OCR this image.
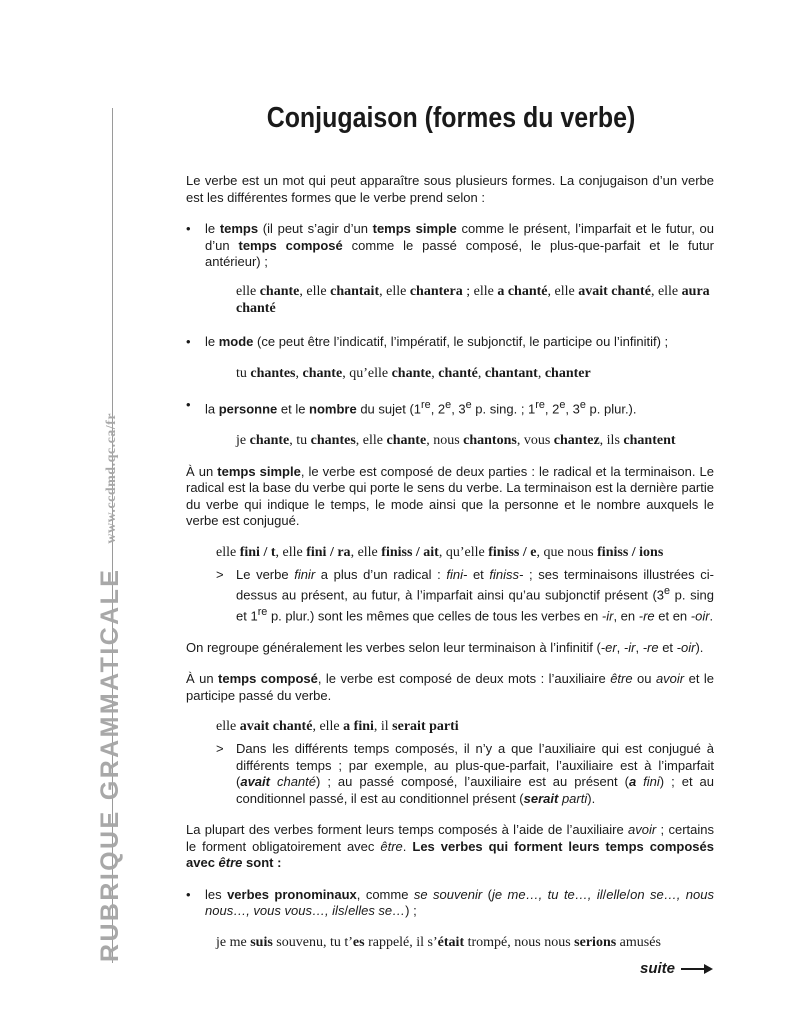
RUBRIQUE GRAMMATICALEwww.ccdmd.qc.ca/fr
Conjugaison (formes du verbe)

Le verbe est un mot qui peut apparaître sous plusieurs formes. La conjugaison d’un verbe est les différentes formes que le verbe prend selon :

• le temps (il peut s’agir d’un temps simple comme le présent, l’imparfait et le futur, ou d’un temps composé comme le passé composé, le plus-que-parfait et le futur antérieur) ;

elle chante, elle chantait, elle chantera ; elle a chanté, elle avait chanté, elle aura chanté

• le mode (ce peut être l’indicatif, l’impératif, le subjonctif, le participe ou l’infinitif) ;

tu chantes, chante, qu’elle chante, chanté, chantant, chanter

• la personne et le nombre du sujet (1re, 2e, 3e p. sing. ; 1re, 2e, 3e p. plur.).

je chante, tu chantes, elle chante, nous chantons, vous chantez, ils chantent

À un temps simple, le verbe est composé de deux parties : le radical et la terminaison. Le radical est la base du verbe qui porte le sens du verbe. La terminaison est la dernière partie du verbe qui indique le temps, le mode ainsi que la personne et le nombre auxquels le verbe est conjugué.

elle fini / t, elle fini / ra, elle finiss / ait, qu’elle finiss / e, que nous finiss / ions

> Le verbe finir a plus d’un radical : fini- et finiss- ; ses terminaisons illustrées ci-dessus au présent, au futur, à l’imparfait ainsi qu’au subjonctif présent (3e p. sing et 1re p. plur.) sont les mêmes que celles de tous les verbes en -ir, en -re et en -oir.

On regroupe généralement les verbes selon leur terminaison à l’infinitif (-er, -ir, -re et -oir).

À un temps composé, le verbe est composé de deux mots : l’auxiliaire être ou avoir et le participe passé du verbe.

elle avait chanté, elle a fini, il serait parti

> Dans les différents temps composés, il n’y a que l’auxiliaire qui est conjugué à différents temps ; par exemple, au plus-que-parfait, l’auxiliaire est à l’imparfait (avait chanté) ; au passé composé, l’auxiliaire est au présent (a fini) ; et au conditionnel passé, il est au conditionnel présent (serait parti).

La plupart des verbes forment leurs temps composés à l’aide de l’auxiliaire avoir ; certains le forment obligatoirement avec être. Les verbes qui forment leurs temps composés avec être sont :

• les verbes pronominaux, comme se souvenir (je me…, tu te…, il/elle/on se…, nous nous…, vous vous…, ils/elles se…) ;

je me suis souvenu, tu t’es rappelé, il s’était trompé, nous nous serions amusés

suite
